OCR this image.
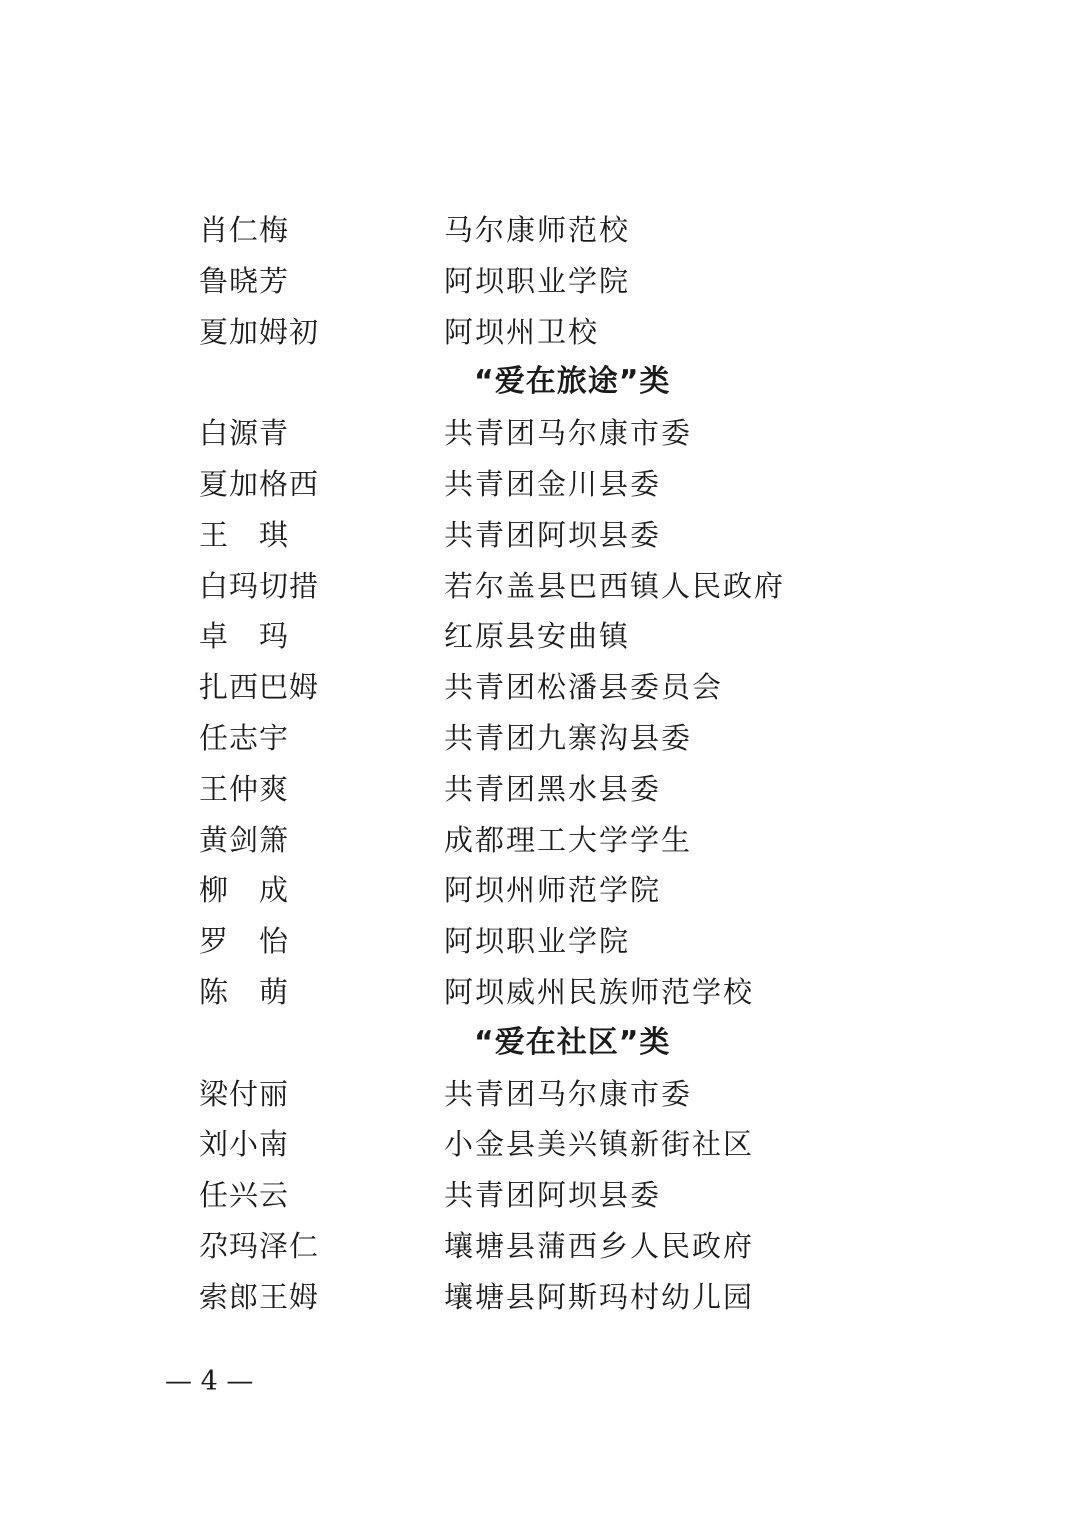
肖仁梅	马尔康师范校
鲁晓芳	阿坝职业学院
夏加姆初	阿坝州卫校
“爱在旅途”类
白源青	共青团马尔康市委
夏加格西	共青团金川县委
王　琪	共青团阿坝县委
白玛切措	若尔盖县巴西镇人民政府
卓　玛	红原县安曲镇
扎西巴姆	共青团松潘县委员会
任志宇	共青团九寨沟县委
王仲爽	共青团黑水县委
黄剑箫	成都理工大学学生
柳　成	阿坝州师范学院
罗　怡	阿坝职业学院
陈　萌	阿坝威州民族师范学校
“爱在社区”类
梁付丽	共青团马尔康市委
刘小南	小金县美兴镇新街社区
任兴云	共青团阿坝县委
尕玛泽仁	壤塘县蒲西乡人民政府
索郎王姆	壤塘县阿斯玛村幼儿园
— 4 —
